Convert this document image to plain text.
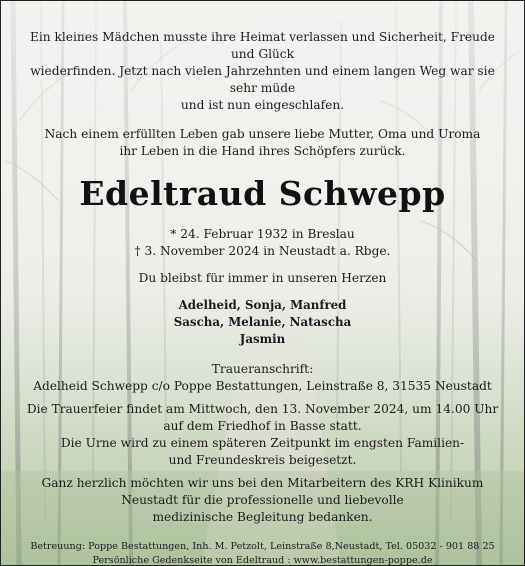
Ein kleines Mädchen musste ihre Heimat verlassen und Sicherheit, Freude und Glück

wiederfinden. Jetzt nach vielen Jahrzehnten und einem langen Weg war sie sehr müde

und ist nun eingeschlafen.

Nach einem erfüllten Leben gab unsere liebe Mutter, Oma und Uroma

ihr Leben in die Hand ihres Schöpfers zurück.

Edeltraud Schwepp

* 24. Februar 1932 in Breslau

† 3. November 2024 in Neustadt a. Rbge.

Du bleibst für immer in unseren Herzen

Adelheid, Sonja, Manfred
Sascha, Melanie, Natascha
Jasmin

Traueranschrift:

Adelheid Schwepp c/o Poppe Bestattungen, Leinstraße 8, 31535 Neustadt

Die Trauerfeier findet am Mittwoch, den 13. November 2024, um 14.00 Uhr

auf dem Friedhof in Basse statt.

Die Urne wird zu einem späteren Zeitpunkt im engsten Familien-

und Freundeskreis beigesetzt.

Ganz herzlich möchten wir uns bei den Mitarbeitern des KRH Klinikum

Neustadt für die professionelle und liebevolle

medizinische Begleitung bedanken.

Betreuung: Poppe Bestattungen, Inh. M. Petzolt, Leinstraße 8,Neustadt, Tel. 05032 - 901 88 25
Persönliche Gedenkseite von Edeltraud : www.bestattungen-poppe.de
